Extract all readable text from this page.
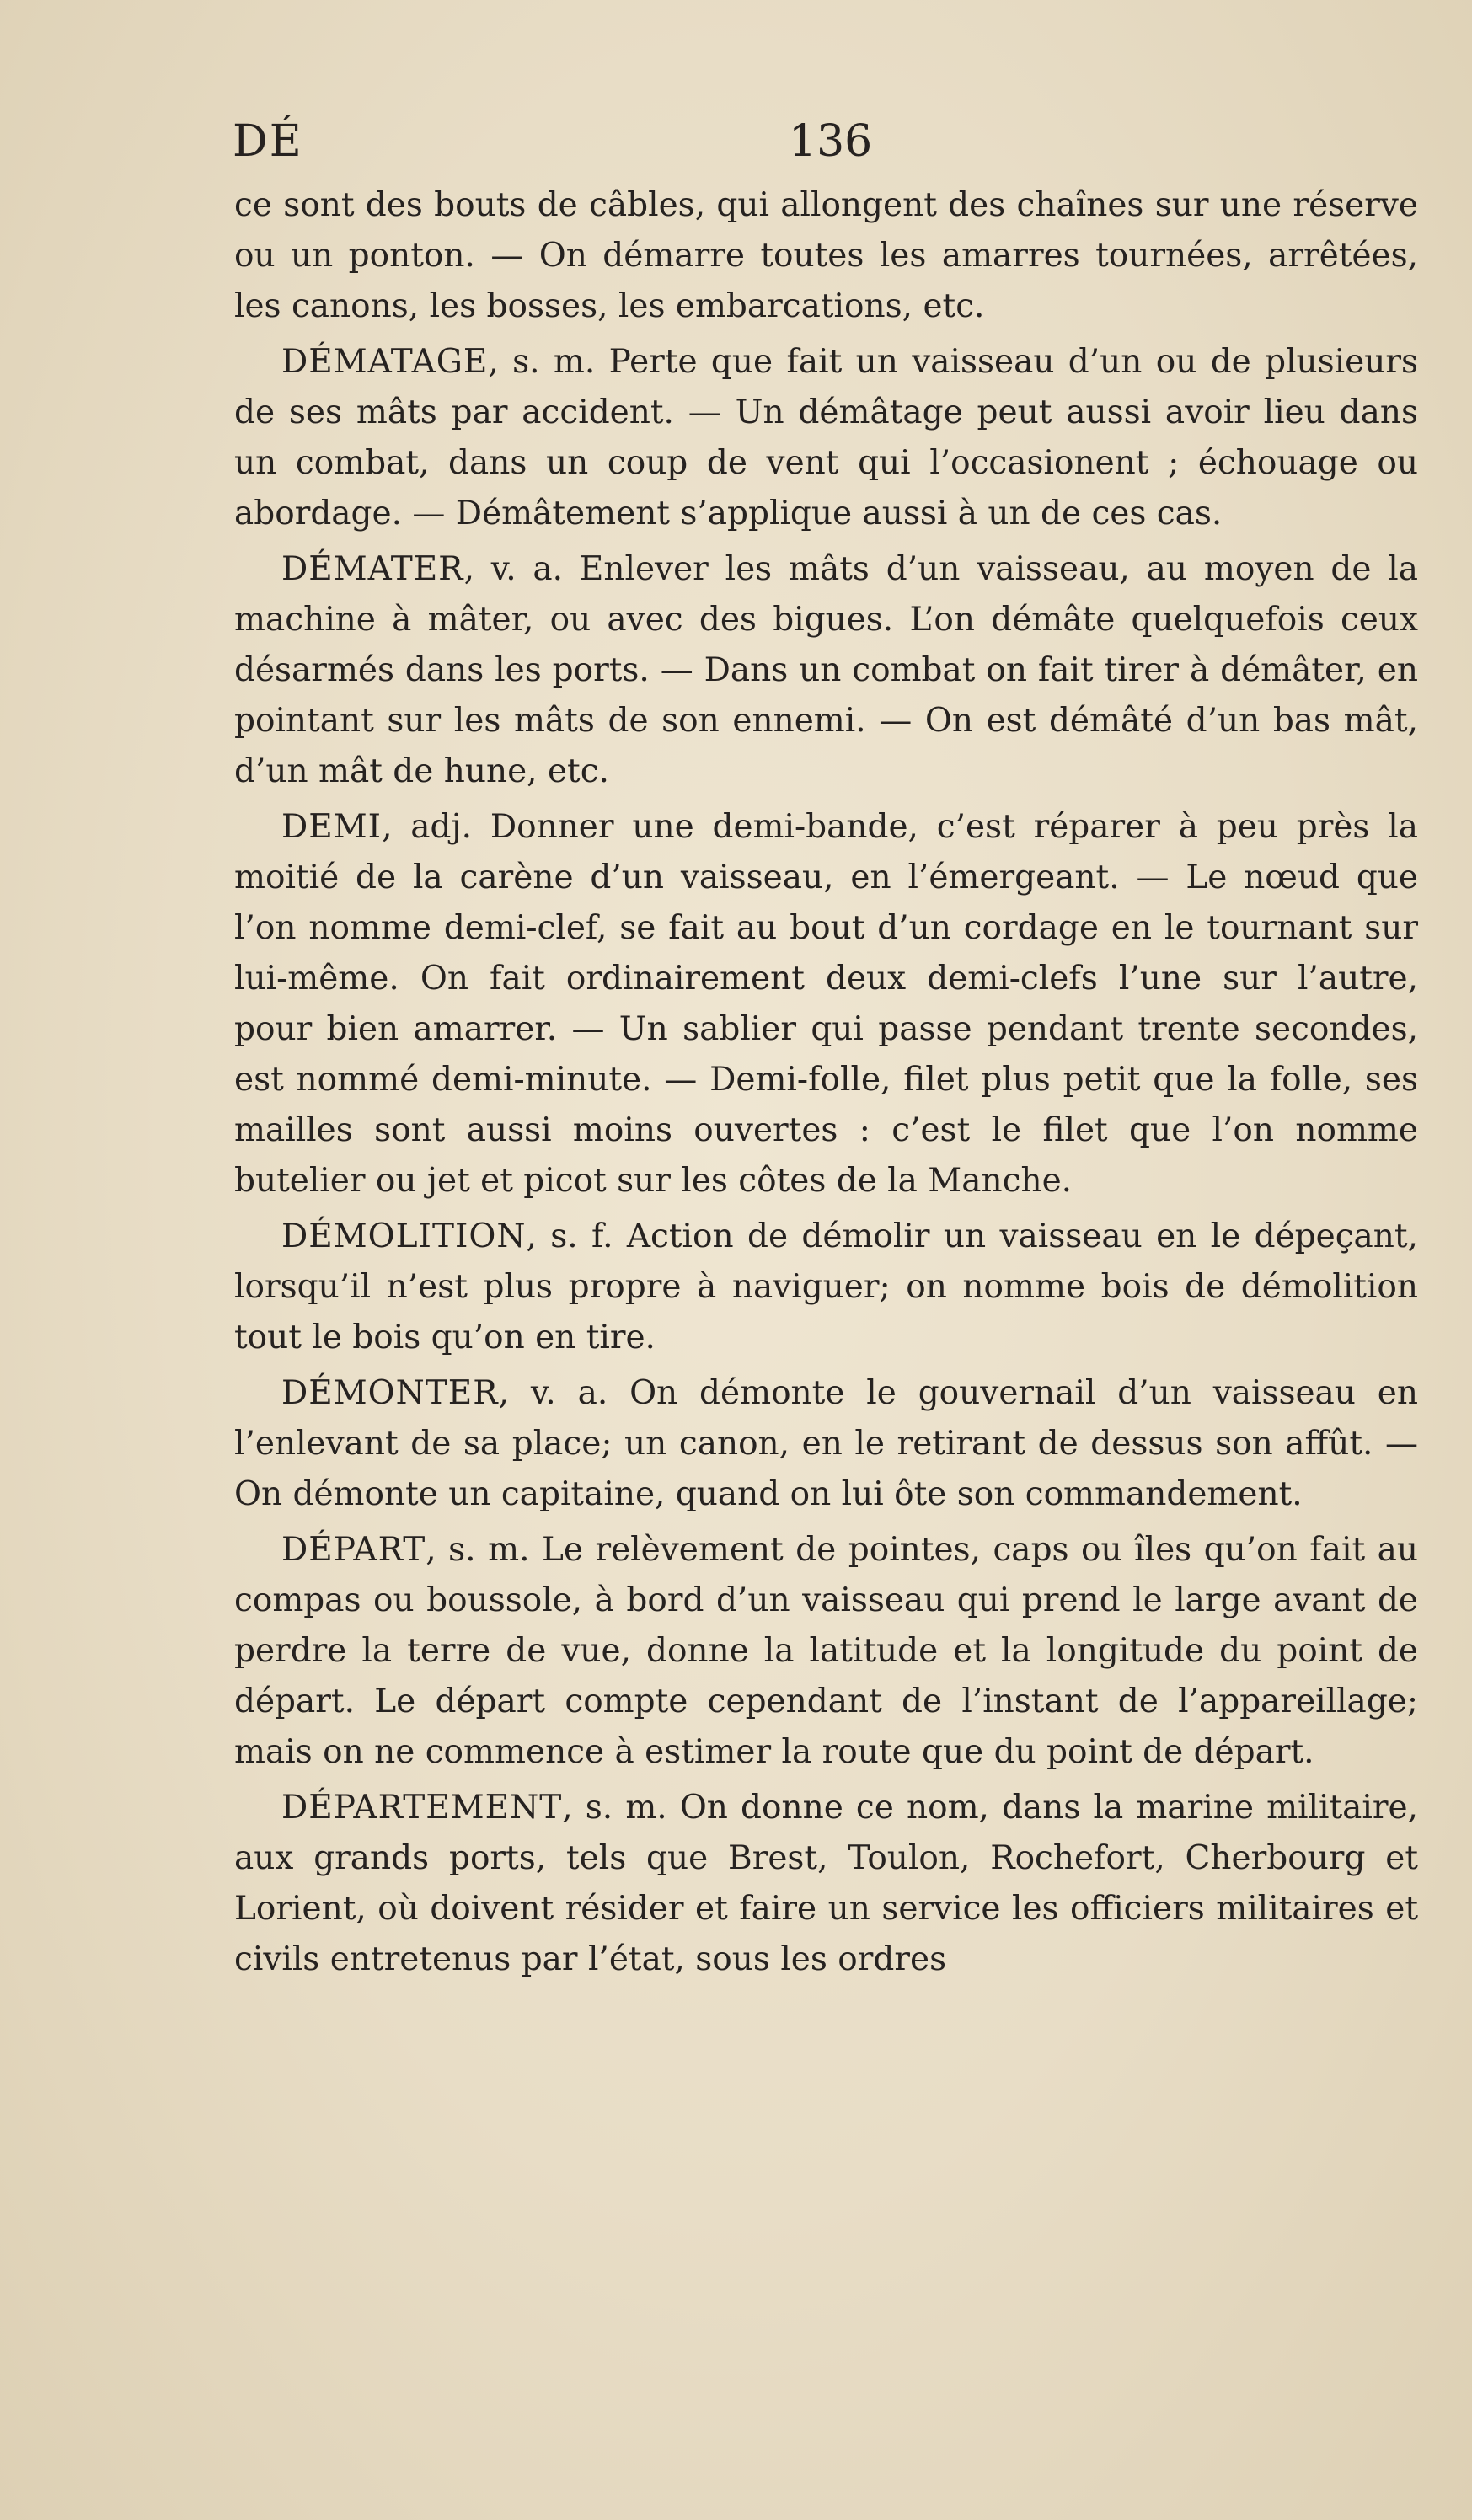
DÉ	136

ce sont des bouts de câbles, qui allongent des chaînes sur une réserve ou un ponton. — On démarre toutes les amarres tournées, arrêtées, les canons, les bosses, les embarcations, etc.

DÉMATAGE, s. m. Perte que fait un vaisseau d’un ou de plusieurs de ses mâts par accident. — Un démâtage peut aussi avoir lieu dans un combat, dans un coup de vent qui l’occasionent ; échouage ou abordage. — Démâtement s’applique aussi à un de ces cas.

DÉMATER, v. a. Enlever les mâts d’un vaisseau, au moyen de la machine à mâter, ou avec des bigues. L’on démâte quelquefois ceux désarmés dans les ports. — Dans un combat on fait tirer à démâter, en pointant sur les mâts de son ennemi. — On est démâté d’un bas mât, d’un mât de hune, etc.

DEMI, adj. Donner une demi-bande, c’est réparer à peu près la moitié de la carène d’un vaisseau, en l’émergeant. — Le nœud que l’on nomme demi-clef, se fait au bout d’un cordage en le tournant sur lui-même. On fait ordinairement deux demi-clefs l’une sur l’autre, pour bien amarrer. — Un sablier qui passe pendant trente secondes, est nommé demi-minute. — Demi-folle, filet plus petit que la folle, ses mailles sont aussi moins ouvertes : c’est le filet que l’on nomme butelier ou jet et picot sur les côtes de la Manche.

DÉMOLITION, s. f. Action de démolir un vaisseau en le dépeçant, lorsqu’il n’est plus propre à naviguer; on nomme bois de démolition tout le bois qu’on en tire.

DÉMONTER, v. a. On démonte le gouvernail d’un vaisseau en l’enlevant de sa place; un canon, en le retirant de dessus son affût. — On démonte un capitaine, quand on lui ôte son commandement.

DÉPART, s. m. Le relèvement de pointes, caps ou îles qu’on fait au compas ou boussole, à bord d’un vaisseau qui prend le large avant de perdre la terre de vue, donne la latitude et la longitude du point de départ. Le départ compte cependant de l’instant de l’appareillage; mais on ne commence à estimer la route que du point de départ.

DÉPARTEMENT, s. m. On donne ce nom, dans la marine militaire, aux grands ports, tels que Brest, Toulon, Rochefort, Cherbourg et Lorient, où doivent résider et faire un service les officiers militaires et civils entretenus par l’état, sous les ordres
